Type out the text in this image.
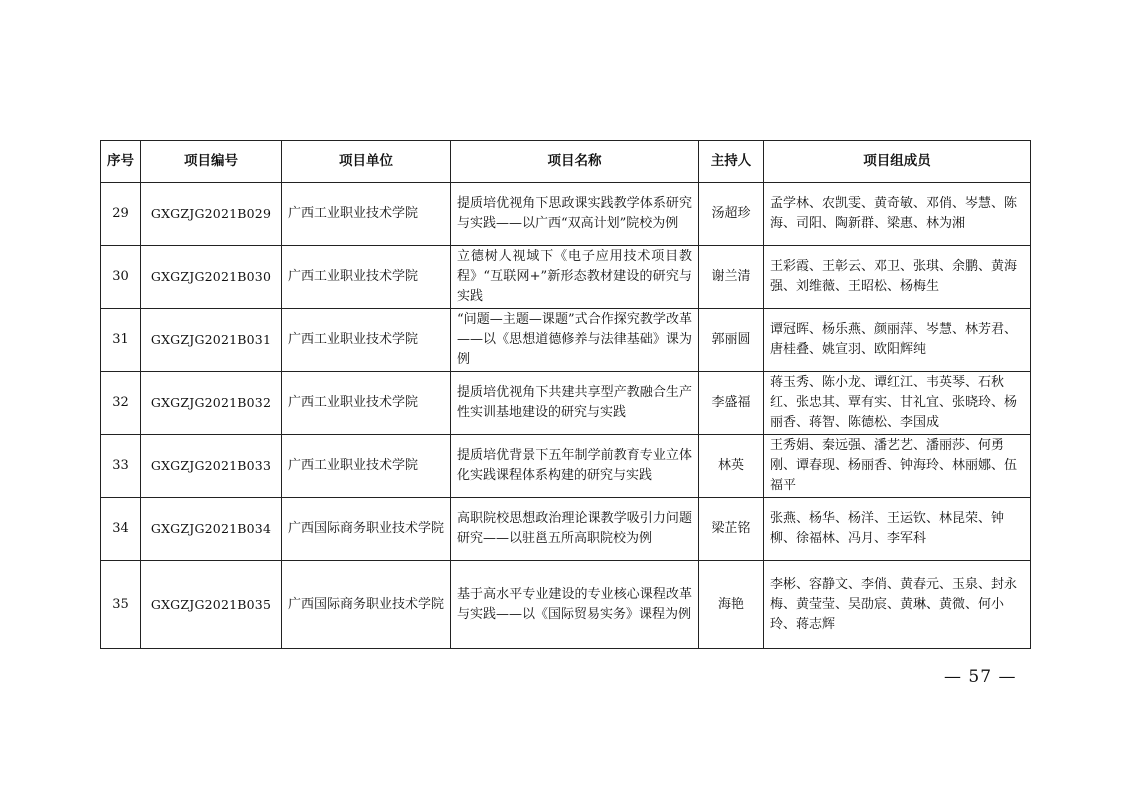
序号	项目编号	项目单位	项目名称	主持人	项目组成员
29	GXGZJG2021B029	广西工业职业技术学院	提质培优视角下思政课实践教学体系研究与实践——以广西“双高计划”院校为例	汤超珍	孟学林、农凯雯、黄奇敏、邓俏、岑慧、陈海、司阳、陶新群、梁惠、林为湘
30	GXGZJG2021B030	广西工业职业技术学院	立德树人视域下《电子应用技术项目教程》“互联网+”新形态教材建设的研究与实践	谢兰清	王彩霞、王彰云、邓卫、张琪、余鹏、黄海强、刘维薇、王昭松、杨梅生
31	GXGZJG2021B031	广西工业职业技术学院	“问题—主题—课题”式合作探究教学改革——以《思想道德修养与法律基础》课为例	郭丽圆	谭冠晖、杨乐燕、颜丽萍、岑慧、林芳君、唐桂叠、姚宣羽、欧阳辉纯
32	GXGZJG2021B032	广西工业职业技术学院	提质培优视角下共建共享型产教融合生产性实训基地建设的研究与实践	李盛福	蒋玉秀、陈小龙、谭红江、韦英琴、石秋红、张忠其、覃有实、甘礼宜、张晓玲、杨丽香、蒋智、陈德松、李国成
33	GXGZJG2021B033	广西工业职业技术学院	提质培优背景下五年制学前教育专业立体化实践课程体系构建的研究与实践	林英	王秀娟、秦远强、潘艺艺、潘丽莎、何勇刚、谭春现、杨丽香、钟海玲、林丽娜、伍福平
34	GXGZJG2021B034	广西国际商务职业技术学院	高职院校思想政治理论课教学吸引力问题研究——以驻邕五所高职院校为例	梁芷铭	张燕、杨华、杨洋、王运钦、林昆荣、钟柳、徐福林、冯月、李军科
35	GXGZJG2021B035	广西国际商务职业技术学院	基于高水平专业建设的专业核心课程改革与实践——以《国际贸易实务》课程为例	海艳	李彬、容静文、李俏、黄春元、玉泉、封永梅、黄莹莹、吴劭宸、黄琳、黄微、何小玲、蒋志辉
— 57 —
